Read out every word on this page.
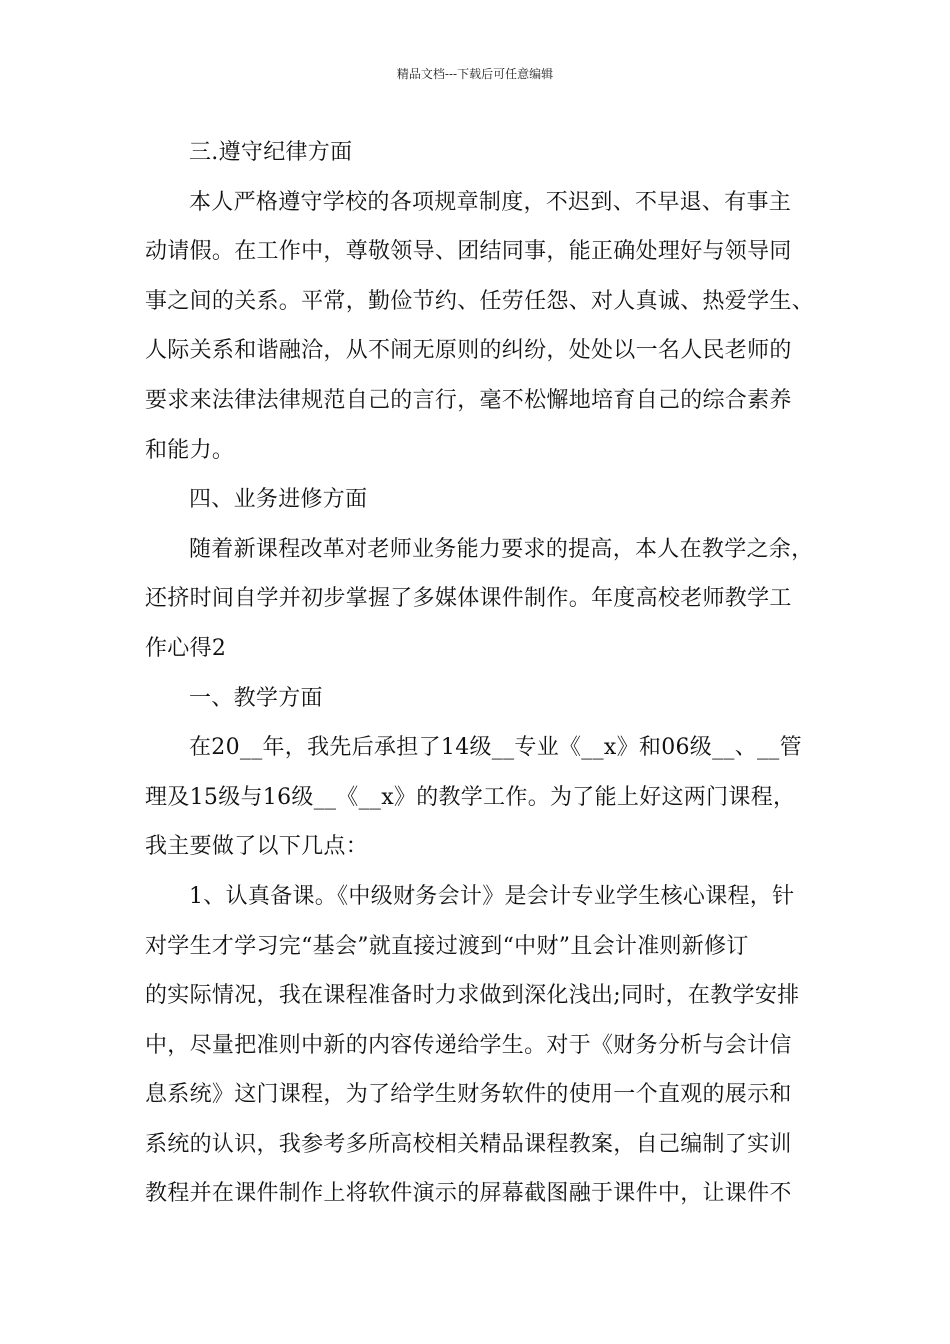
精品文档---下载后可任意编辑
三.遵守纪律方面
本人严格遵守学校的各项规章制度，不迟到、不早退、有事主
动请假。在工作中，尊敬领导、团结同事，能正确处理好与领导同
事之间的关系。平常，勤俭节约、任劳任怨、对人真诚、热爱学生、
人际关系和谐融洽，从不闹无原则的纠纷，处处以一名人民老师的
要求来法律法律规范自己的言行，毫不松懈地培育自己的综合素养
和能力。
四、业务进修方面
随着新课程改革对老师业务能力要求的提高，本人在教学之余，
还挤时间自学并初步掌握了多媒体课件制作。年度高校老师教学工
作心得2
一、教学方面
在20__年，我先后承担了14级__专业《__x》和06级__、__管
理及15级与16级__《__x》的教学工作。为了能上好这两门课程，
我主要做了以下几点：
1、认真备课。《中级财务会计》是会计专业学生核心课程，针
对学生才学习完“基会”就直接过渡到“中财”且会计准则新修订
的实际情况，我在课程准备时力求做到深化浅出;同时，在教学安排
中，尽量把准则中新的内容传递给学生。对于《财务分析与会计信
息系统》这门课程，为了给学生财务软件的使用一个直观的展示和
系统的认识，我参考多所高校相关精品课程教案，自己编制了实训
教程并在课件制作上将软件演示的屏幕截图融于课件中，让课件不
